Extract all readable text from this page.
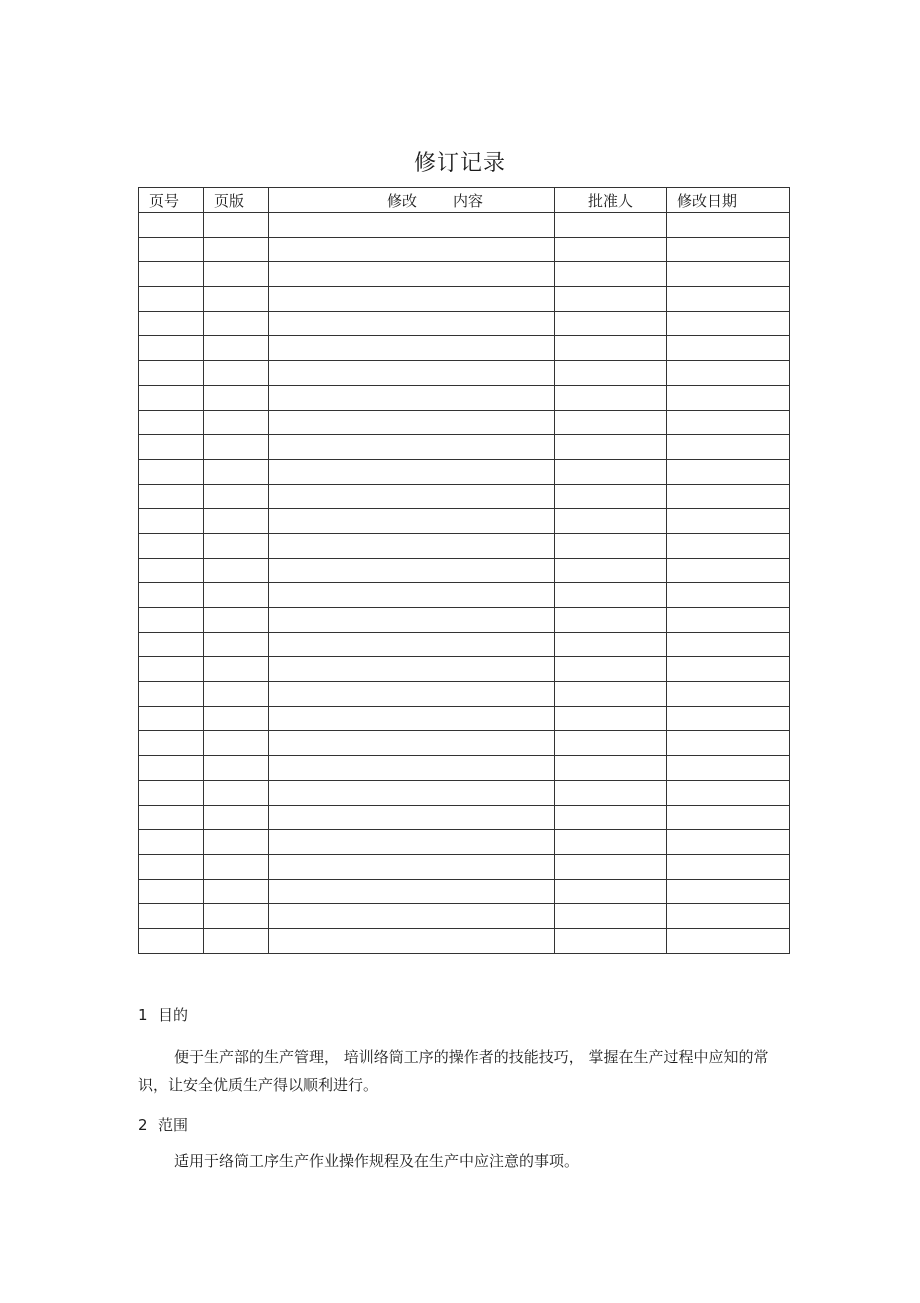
修订记录
页号	页版	修改 内容	批准人	修改日期

1 目的
便于生产部的生产管理， 培训络筒工序的操作者的技能技巧， 掌握在生产过程中应知的常识，让安全优质生产得以顺利进行。
2 范围
适用于络筒工序生产作业操作规程及在生产中应注意的事项。
